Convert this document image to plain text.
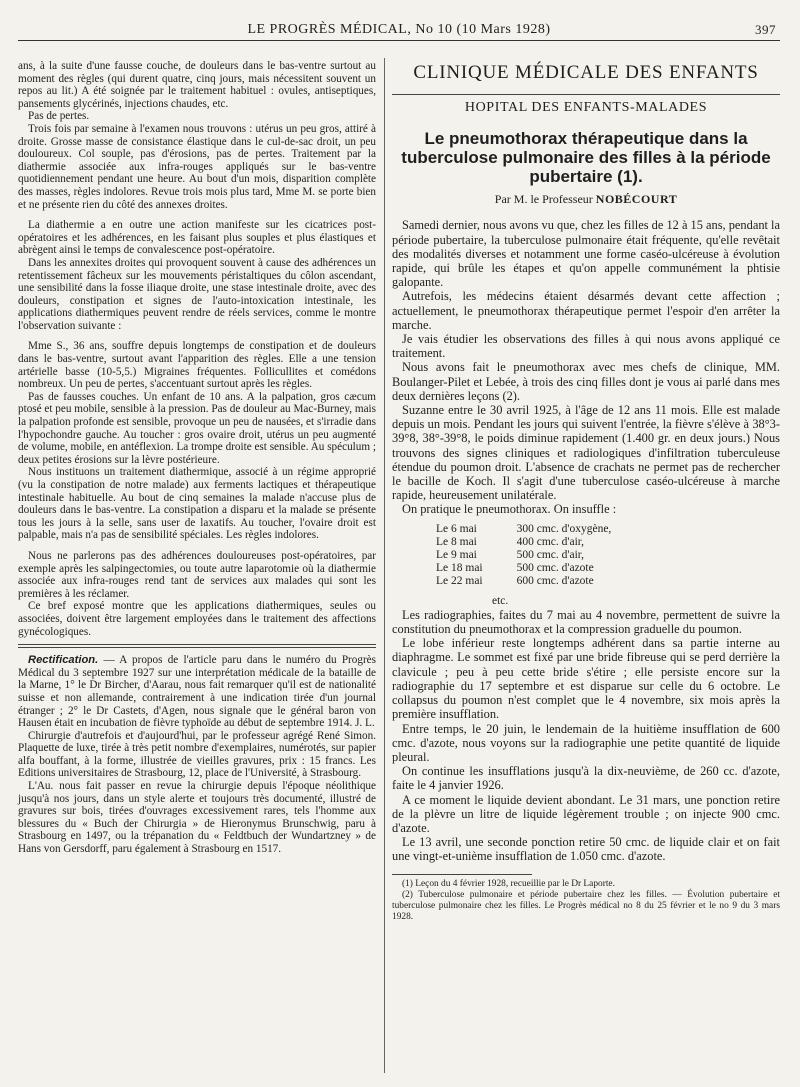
LE PROGRÈS MÉDICAL, No 10 (10 Mars 1928)	397

ans, à la suite d'une fausse couche, de douleurs dans le bas-ventre surtout au moment des règles (qui durent quatre, cinq jours, mais nécessitent souvent un repos au lit.) A été soignée par le traitement habituel : ovules, antiseptiques, pansements glycérinés, injections chaudes, etc.

Pas de pertes.

Trois fois par semaine à l'examen nous trouvons : utérus un peu gros, attiré à droite. Grosse masse de consistance élastique dans le cul-de-sac droit, un peu douloureux. Col souple, pas d'érosions, pas de pertes. Traitement par la diathermie associée aux infra-rouges appliqués sur le bas-ventre quotidiennement pendant une heure. Au bout d'un mois, disparition complète des masses, règles indolores. Revue trois mois plus tard, Mme M. se porte bien et ne présente rien du côté des annexes droites.

La diathermie a en outre une action manifeste sur les cicatrices post-opératoires et les adhérences, en les faisant plus souples et plus élastiques et abrègent ainsi le temps de convalescence post-opératoire.

Dans les annexites droites qui provoquent souvent à cause des adhérences un retentissement fâcheux sur les mouvements péristaltiques du côlon ascendant, une sensibilité dans la fosse iliaque droite, une stase intestinale droite, avec des douleurs, constipation et signes de l'auto-intoxication intestinale, les applications diathermiques peuvent rendre de réels services, comme le montre l'observation suivante :

Mme S., 36 ans, souffre depuis longtemps de constipation et de douleurs dans le bas-ventre, surtout avant l'apparition des règles. Elle a une tension artérielle basse (10-5,5.) Migraines fréquentes. Follicullites et comédons nombreux. Un peu de pertes, s'accentuant surtout après les règles.

Pas de fausses couches. Un enfant de 10 ans. A la palpation, gros cæcum ptosé et peu mobile, sensible à la pression. Pas de douleur au Mac-Burney, mais la palpation profonde est sensible, provoque un peu de nausées, et s'irradie dans l'hypochondre gauche. Au toucher : gros ovaire droit, utérus un peu augmenté de volume, mobile, en antéflexion. La trompe droite est sensible. Au spéculum ; deux petites érosions sur la lèvre postérieure.

Nous instituons un traitement diathermique, associé à un régime approprié (vu la constipation de notre malade) aux ferments lactiques et thérapeutique intestinale habituelle. Au bout de cinq semaines la malade n'accuse plus de douleurs dans le bas-ventre. La constipation a disparu et la malade se présente tous les jours à la selle, sans user de laxatifs. Au toucher, l'ovaire droit est palpable, mais n'a pas de sensibilité spéciales. Les règles indolores.

Nous ne parlerons pas des adhérences douloureuses post-opératoires, par exemple après les salpingectomies, ou toute autre laparotomie où la diathermie associée aux infra-rouges rend tant de services aux malades qui sont les premières à les réclamer.

Ce bref exposé montre que les applications diathermiques, seules ou associées, doivent être largement employées dans le traitement des affections gynécologiques.

Rectification. — A propos de l'article paru dans le numéro du Progrès Médical du 3 septembre 1927 sur une interprétation médicale de la bataille de la Marne, 1° le Dr Bircher, d'Aarau, nous fait remarquer qu'il est de nationalité suisse et non allemande, contrairement à une indication tirée d'un journal étranger ; 2° le Dr Castets, d'Agen, nous signale que le général baron von Hausen était en incubation de fièvre typhoïde au début de septembre 1914. J. L.

Chirurgie d'autrefois et d'aujourd'hui, par le professeur agrégé René Simon. Plaquette de luxe, tirée à très petit nombre d'exemplaires, numérotés, sur papier alfa bouffant, à la forme, illustrée de vieilles gravures, prix : 15 francs. Les Editions universitaires de Strasbourg, 12, place de l'Université, à Strasbourg.

L'Au. nous fait passer en revue la chirurgie depuis l'époque néolithique jusqu'à nos jours, dans un style alerte et toujours très documenté, illustré de gravures sur bois, tirées d'ouvrages excessivement rares, tels l'homme aux blessures du « Buch der Chirurgia » de Hieronymus Brunschwig, paru à Strasbourg en 1497, ou la trépanation du « Feldtbuch der Wundartzney » de Hans von Gersdorff, paru également à Strasbourg en 1517.

CLINIQUE MÉDICALE DES ENFANTS
HOPITAL DES ENFANTS-MALADES
Le pneumothorax thérapeutique dans la tuberculose pulmonaire des filles à la période pubertaire (1).
Par M. le Professeur NOBÉCOURT

Samedi dernier, nous avons vu que, chez les filles de 12 à 15 ans, pendant la période pubertaire, la tuberculose pulmonaire était fréquente, qu'elle revêtait des modalités diverses et notamment une forme caséo-ulcéreuse à évolution rapide, qui brûle les étapes et qu'on appelle communément la phtisie galopante.

Autrefois, les médecins étaient désarmés devant cette affection ; actuellement, le pneumothorax thérapeutique permet l'espoir d'en arrêter la marche.

Je vais étudier les observations des filles à qui nous avons appliqué ce traitement.

Nous avons fait le pneumothorax avec mes chefs de clinique, MM. Boulanger-Pilet et Lebée, à trois des cinq filles dont je vous ai parlé dans mes deux dernières leçons (2).

Suzanne entre le 30 avril 1925, à l'âge de 12 ans 11 mois. Elle est malade depuis un mois. Pendant les jours qui suivent l'entrée, la fièvre s'élève à 38°3-39°8, 38°-39°8, le poids diminue rapidement (1.400 gr. en deux jours.) Nous trouvons des signes cliniques et radiologiques d'infiltration tuberculeuse étendue du poumon droit. L'absence de crachats ne permet pas de rechercher le bacille de Koch. Il s'agit d'une tuberculose caséo-ulcéreuse à marche rapide, heureusement unilatérale.

On pratique le pneumothorax. On insuffle :

Le 6 mai	300 cmc. d'oxygène,
Le 8 mai	400 cmc. d'air,
Le 9 mai	500 cmc. d'air,
Le 18 mai	500 cmc. d'azote
Le 22 mai	600 cmc. d'azote
etc.

Les radiographies, faites du 7 mai au 4 novembre, permettent de suivre la constitution du pneumothorax et la compression graduelle du poumon.

Le lobe inférieur reste longtemps adhérent dans sa partie interne au diaphragme. Le sommet est fixé par une bride fibreuse qui se perd derrière la clavicule ; peu à peu cette bride s'étire ; elle persiste encore sur la radiographie du 17 septembre et est disparue sur celle du 6 octobre. Le collapsus du poumon n'est complet que le 4 novembre, six mois après la première insufflation.

Entre temps, le 20 juin, le lendemain de la huitième insufflation de 600 cmc. d'azote, nous voyons sur la radiographie une petite quantité de liquide pleural.

On continue les insufflations jusqu'à la dix-neuvième, de 260 cc. d'azote, faite le 4 janvier 1926.

A ce moment le liquide devient abondant. Le 31 mars, une ponction retire de la plèvre un litre de liquide légèrement trouble ; on injecte 900 cmc. d'azote.

Le 13 avril, une seconde ponction retire 50 cmc. de liquide clair et on fait une vingt-et-unième insufflation de 1.050 cmc. d'azote.

(1) Leçon du 4 février 1928, recueillie par le Dr Laporte.

(2) Tuberculose pulmonaire et période pubertaire chez les filles. — Évolution pubertaire et tuberculose pulmonaire chez les filles. Le Progrès médical no 8 du 25 février et le no 9 du 3 mars 1928.
